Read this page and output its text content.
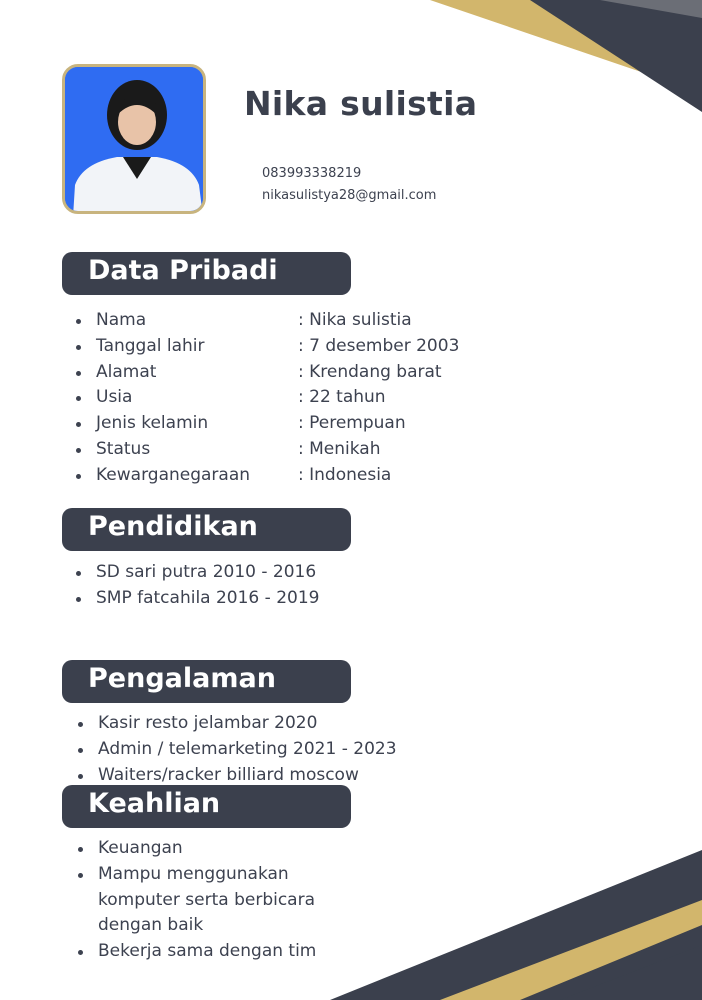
Nika sulistia
083993338219
nikasulistya28@gmail.com
Data Pribadi
Nama	: Nika sulistia
Tanggal lahir	: 7 desember 2003
Alamat	: Krendang barat
Usia	: 22 tahun
Jenis kelamin	: Perempuan
Status	: Menikah
Kewarganegaraan	: Indonesia
Pendidikan
SD sari putra 2010 - 2016
SMP fatcahila 2016 - 2019
Pengalaman
Kasir resto jelambar 2020
Admin / telemarketing 2021 - 2023
Waiters/racker billiard moscow
Keahlian
Keuangan
Mampu menggunakan komputer serta berbicara dengan baik
Bekerja sama dengan tim
